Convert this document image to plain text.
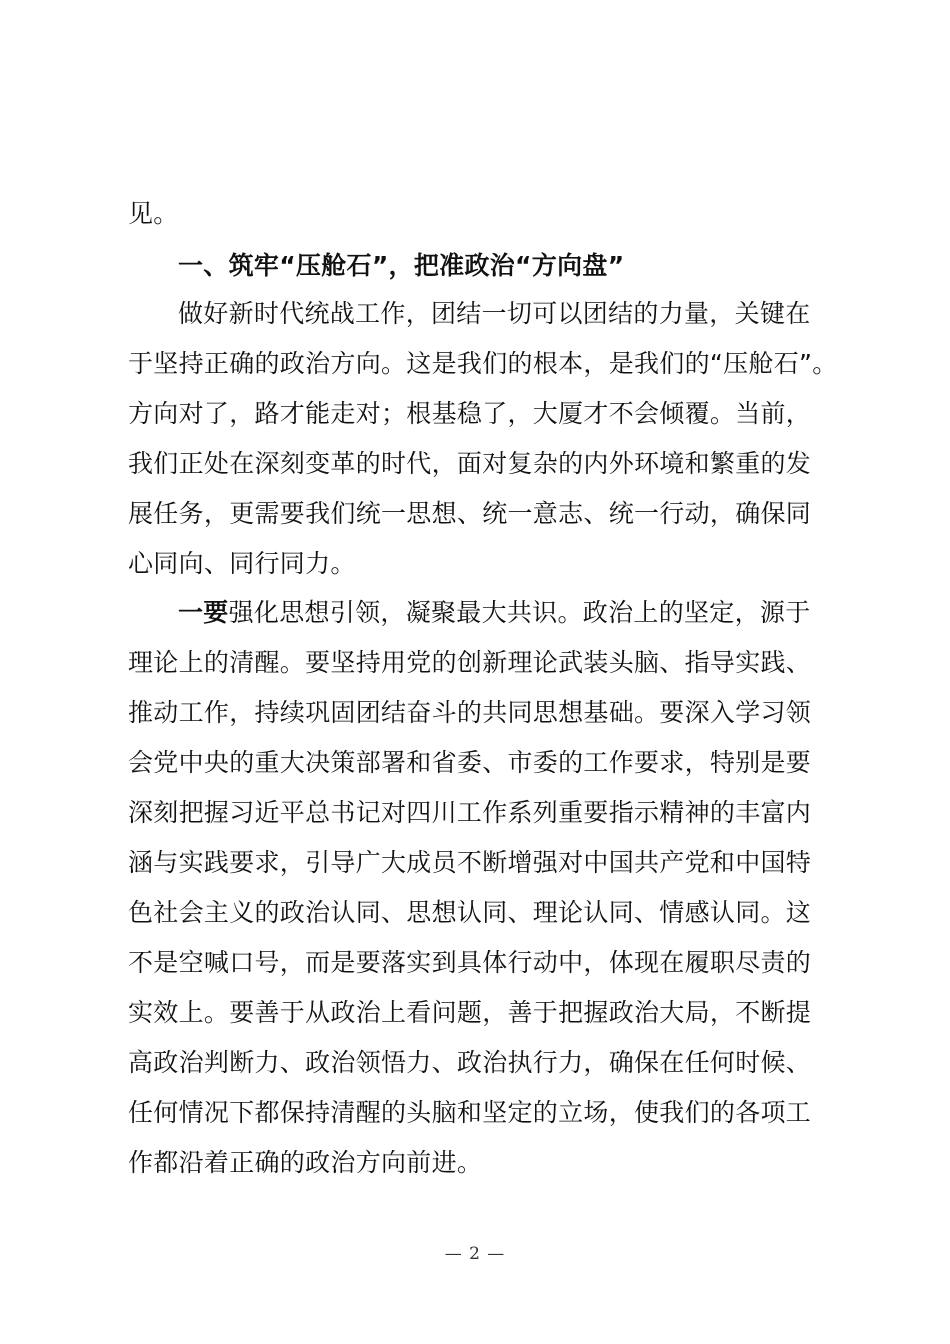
见。
一、筑牢“压舱石”，把准政治“方向盘”
做好新时代统战工作，团结一切可以团结的力量，关键在
于坚持正确的政治方向。这是我们的根本，是我们的“压舱石”。
方向对了，路才能走对；根基稳了，大厦才不会倾覆。当前，
我们正处在深刻变革的时代，面对复杂的内外环境和繁重的发
展任务，更需要我们统一思想、统一意志、统一行动，确保同
心同向、同行同力。
一要强化思想引领，凝聚最大共识。政治上的坚定，源于
理论上的清醒。要坚持用党的创新理论武装头脑、指导实践、
推动工作，持续巩固团结奋斗的共同思想基础。要深入学习领
会党中央的重大决策部署和省委、市委的工作要求，特别是要
深刻把握习近平总书记对四川工作系列重要指示精神的丰富内
涵与实践要求，引导广大成员不断增强对中国共产党和中国特
色社会主义的政治认同、思想认同、理论认同、情感认同。这
不是空喊口号，而是要落实到具体行动中，体现在履职尽责的
实效上。要善于从政治上看问题，善于把握政治大局，不断提
高政治判断力、政治领悟力、政治执行力，确保在任何时候、
任何情况下都保持清醒的头脑和坚定的立场，使我们的各项工
作都沿着正确的政治方向前进。
— 2 —
